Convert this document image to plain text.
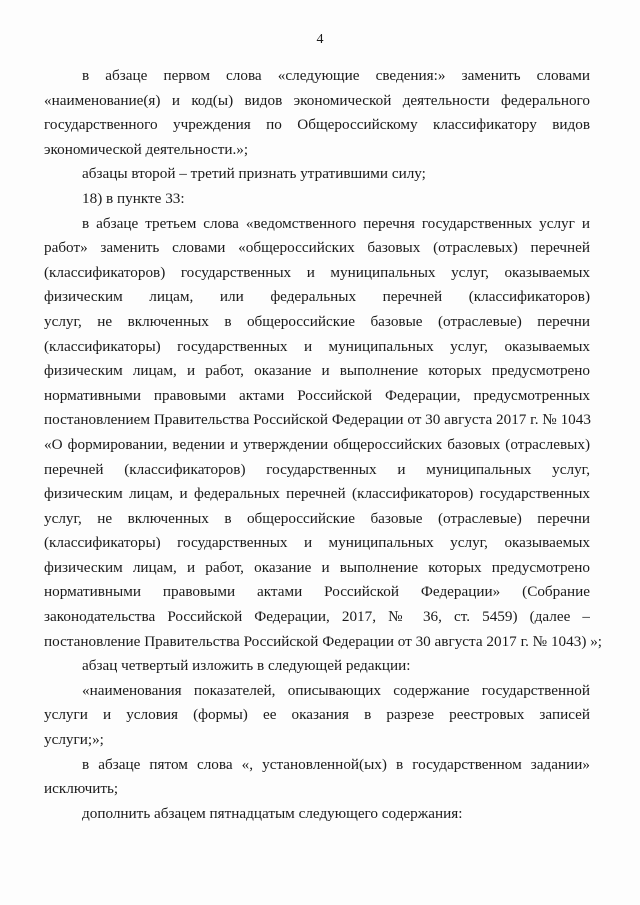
4
в абзаце первом слова «следующие сведения:» заменить словами
«наименование(я) и код(ы) видов экономической деятельности федерального
государственного учреждения по Общероссийскому классификатору видов
экономической деятельности.»;
абзацы второй – третий признать утратившими силу;
18) в пункте 33:
в абзаце третьем слова «ведомственного перечня государственных услуг и
работ» заменить словами «общероссийских базовых (отраслевых) перечней
(классификаторов) государственных и муниципальных услуг, оказываемых
физическим лицам, или федеральных перечней (классификаторов)
услуг, не включенных в общероссийские базовые (отраслевые) перечни
(классификаторы) государственных и муниципальных услуг, оказываемых
физическим лицам, и работ, оказание и выполнение которых предусмотрено
нормативными правовыми актами Российской Федерации, предусмотренных
постановлением Правительства Российской Федерации от 30 августа 2017 г. № 1043
«О формировании, ведении и утверждении общероссийских базовых (отраслевых)
перечней (классификаторов) государственных и муниципальных услуг,
физическим лицам, и федеральных перечней (классификаторов) государственных
услуг, не включенных в общероссийские базовые (отраслевые) перечни
(классификаторы) государственных и муниципальных услуг, оказываемых
физическим лицам, и работ, оказание и выполнение которых предусмотрено
нормативными правовыми актами Российской Федерации» (Собрание
законодательства Российской Федерации, 2017, № 36, ст. 5459) (далее –
постановление Правительства Российской Федерации от 30 августа 2017 г. № 1043) »;
абзац четвертый изложить в следующей редакции:
«наименования показателей, описывающих содержание государственной
услуги и условия (формы) ее оказания в разрезе реестровых записей
услуги;»;
в абзаце пятом слова «, установленной(ых) в государственном задании»
исключить;
дополнить абзацем пятнадцатым следующего содержания:
